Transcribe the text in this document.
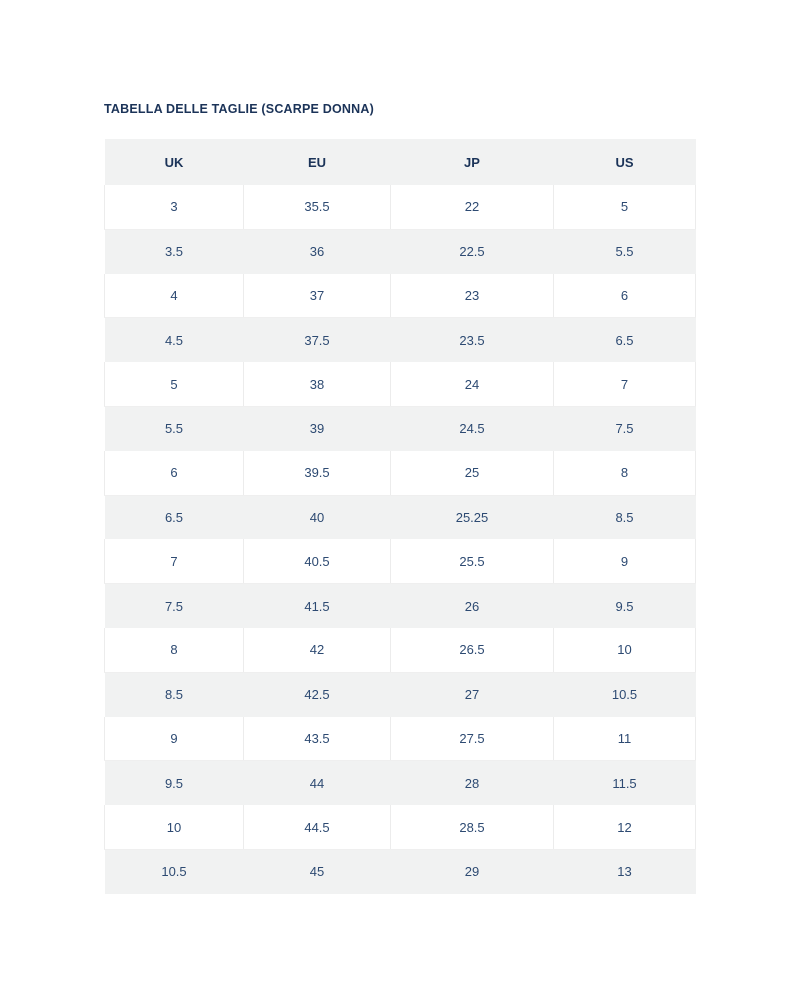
TABELLA DELLE TAGLIE (SCARPE DONNA)
UK	EU	JP	US
3	35.5	22	5
3.5	36	22.5	5.5
4	37	23	6
4.5	37.5	23.5	6.5
5	38	24	7
5.5	39	24.5	7.5
6	39.5	25	8
6.5	40	25.25	8.5
7	40.5	25.5	9
7.5	41.5	26	9.5
8	42	26.5	10
8.5	42.5	27	10.5
9	43.5	27.5	11
9.5	44	28	11.5
10	44.5	28.5	12
10.5	45	29	13
